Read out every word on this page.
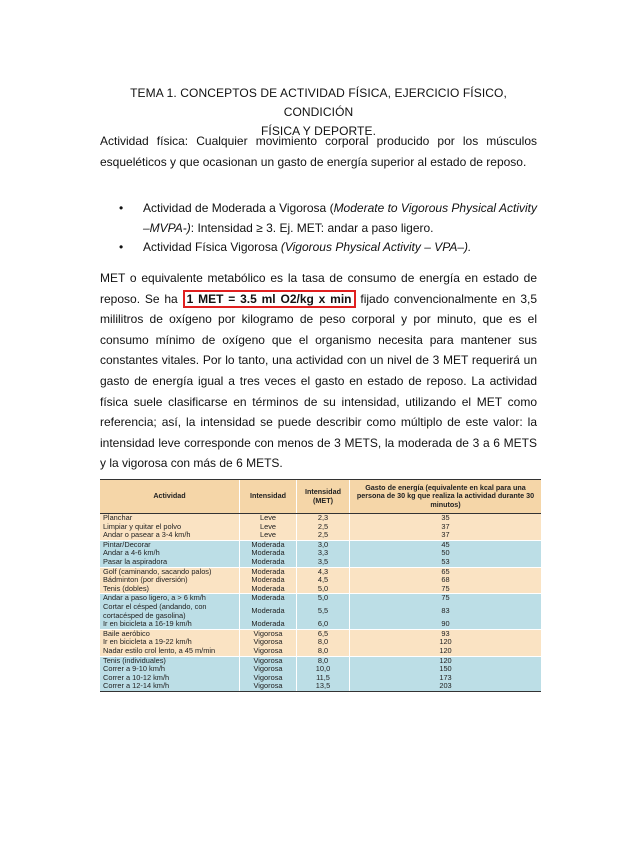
TEMA 1. CONCEPTOS DE ACTIVIDAD FÍSICA, EJERCICIO FÍSICO, CONDICIÓN
FÍSICA Y DEPORTE.
Actividad física: Cualquier movimiento corporal producido por los músculos esqueléticos y que ocasionan un gasto de energía superior al estado de reposo.
• Actividad de Moderada a Vigorosa (Moderate to Vigorous Physical Activity –MVPA-): Intensidad ≥ 3. Ej. MET: andar a paso ligero.
• Actividad Física Vigorosa (Vigorous Physical Activity – VPA–).
MET o equivalente metabólico es la tasa de consumo de energía en estado de reposo. Se ha 1 MET = 3.5 ml O2/kg x min fijado convencionalmente en 3,5 mililitros de oxígeno por kilogramo de peso corporal y por minuto, que es el consumo mínimo de oxígeno que el organismo necesita para mantener sus constantes vitales. Por lo tanto, una actividad con un nivel de 3 MET requerirá un gasto de energía igual a tres veces el gasto en estado de reposo. La actividad física suele clasificarse en términos de su intensidad, utilizando el MET como referencia; así, la intensidad se puede describir como múltiplo de este valor: la intensidad leve corresponde con menos de 3 METS, la moderada de 3 a 6 METS y la vigorosa con más de 6 METS.
Actividad	Intensidad	Intensidad (MET)	Gasto de energía (equivalente en kcal para una persona de 30 kg que realiza la actividad durante 30 minutos)
Planchar	Leve	2,3	35
Limpiar y quitar el polvo	Leve	2,5	37
Andar o pasear a 3-4 km/h	Leve	2,5	37
Pintar/Decorar	Moderada	3,0	45
Andar a 4-6 km/h	Moderada	3,3	50
Pasar la aspiradora	Moderada	3,5	53
Golf (caminando, sacando palos)	Moderada	4,3	65
Bádminton (por diversión)	Moderada	4,5	68
Tenis (dobles)	Moderada	5,0	75
Andar a paso ligero, a > 6 km/h	Moderada	5,0	75
Cortar el césped (andando, con cortacésped de gasolina)	Moderada	5,5	83
Ir en bicicleta a 16-19 km/h	Moderada	6,0	90
Baile aeróbico	Vigorosa	6,5	93
Ir en bicicleta a 19-22 km/h	Vigorosa	8,0	120
Nadar estilo crol lento, a 45 m/min	Vigorosa	8,0	120
Tenis (individuales)	Vigorosa	8,0	120
Correr a 9-10 km/h	Vigorosa	10,0	150
Correr a 10-12 km/h	Vigorosa	11,5	173
Correr a 12-14 km/h	Vigorosa	13,5	203
